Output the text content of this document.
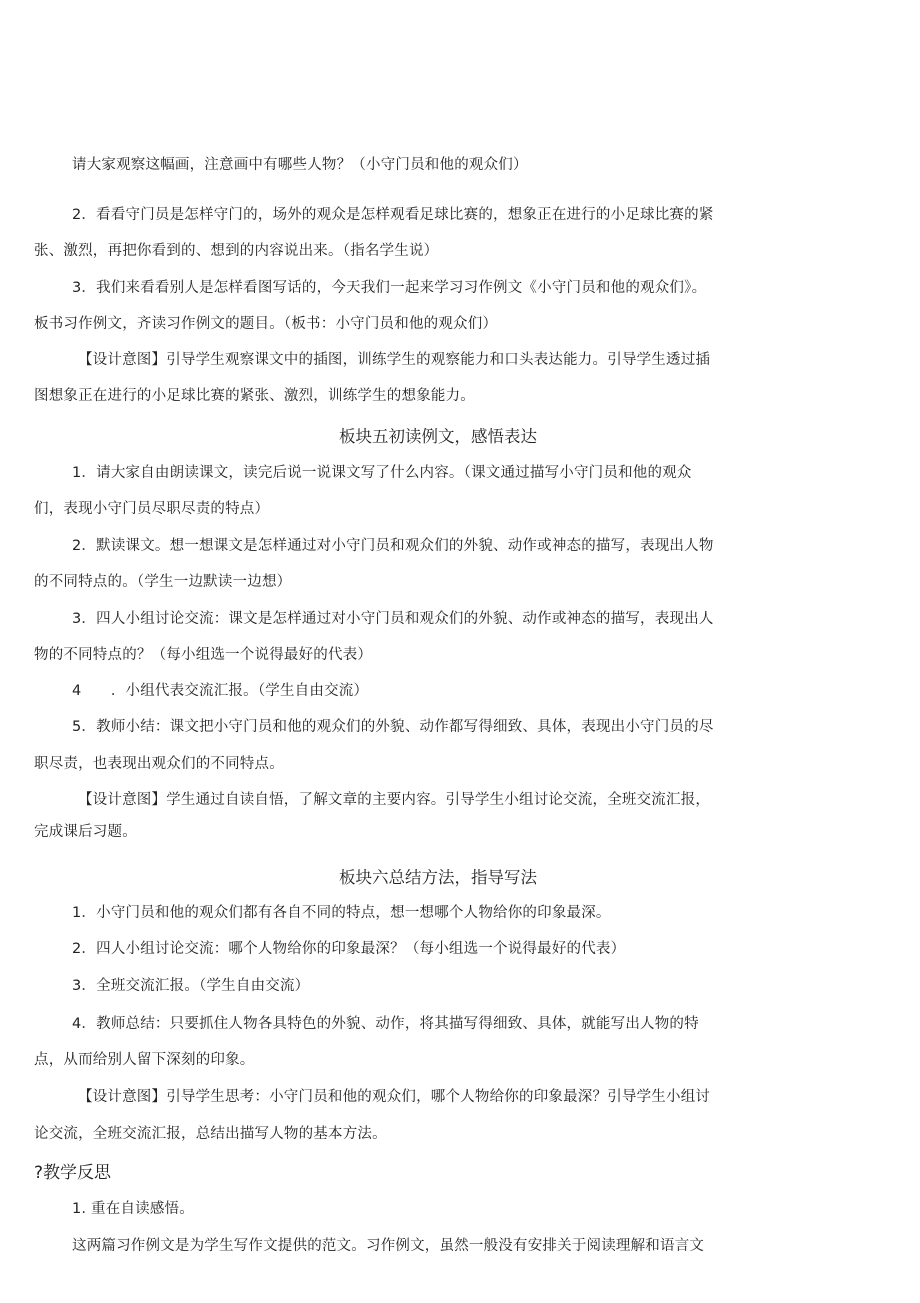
请大家观察这幅画，注意画中有哪些人物？（小守门员和他的观众们）

2．看看守门员是怎样守门的，场外的观众是怎样观看足球比赛的，想象正在进行的小足球比赛的紧

张、激烈，再把你看到的、想到的内容说出来。（指名学生说）

3．我们来看看别人是怎样看图写话的，今天我们一起来学习习作例文《小守门员和他的观众们》。

板书习作例文，齐读习作例文的题目。（板书：小守门员和他的观众们）

【设计意图】引导学生观察课文中的插图，训练学生的观察能力和口头表达能力。引导学生透过插

图想象正在进行的小足球比赛的紧张、激烈，训练学生的想象能力。

板块五初读例文，感悟表达

1．请大家自由朗读课文，读完后说一说课文写了什么内容。（课文通过描写小守门员和他的观众

们，表现小守门员尽职尽责的特点）

2．默读课文。想一想课文是怎样通过对小守门员和观众们的外貌、动作或神态的描写，表现出人物

的不同特点的。（学生一边默读一边想）

3．四人小组讨论交流：课文是怎样通过对小守门员和观众们的外貌、动作或神态的描写，表现出人

物的不同特点的？（每小组选一个说得最好的代表）

4　　．小组代表交流汇报。（学生自由交流）

5．教师小结：课文把小守门员和他的观众们的外貌、动作都写得细致、具体，表现出小守门员的尽

职尽责，也表现出观众们的不同特点。

【设计意图】学生通过自读自悟，了解文章的主要内容。引导学生小组讨论交流，全班交流汇报，

完成课后习题。

板块六总结方法，指导写法

1．小守门员和他的观众们都有各自不同的特点，想一想哪个人物给你的印象最深。

2．四人小组讨论交流：哪个人物给你的印象最深？（每小组选一个说得最好的代表）

3．全班交流汇报。（学生自由交流）

4．教师总结：只要抓住人物各具特色的外貌、动作，将其描写得细致、具体，就能写出人物的特

点，从而给别人留下深刻的印象。

【设计意图】引导学生思考：小守门员和他的观众们，哪个人物给你的印象最深？引导学生小组讨

论交流，全班交流汇报，总结出描写人物的基本方法。

?教学反思

1. 重在自读感悟。

这两篇习作例文是为学生写作文提供的范文。习作例文，虽然一般没有安排关于阅读理解和语言文
